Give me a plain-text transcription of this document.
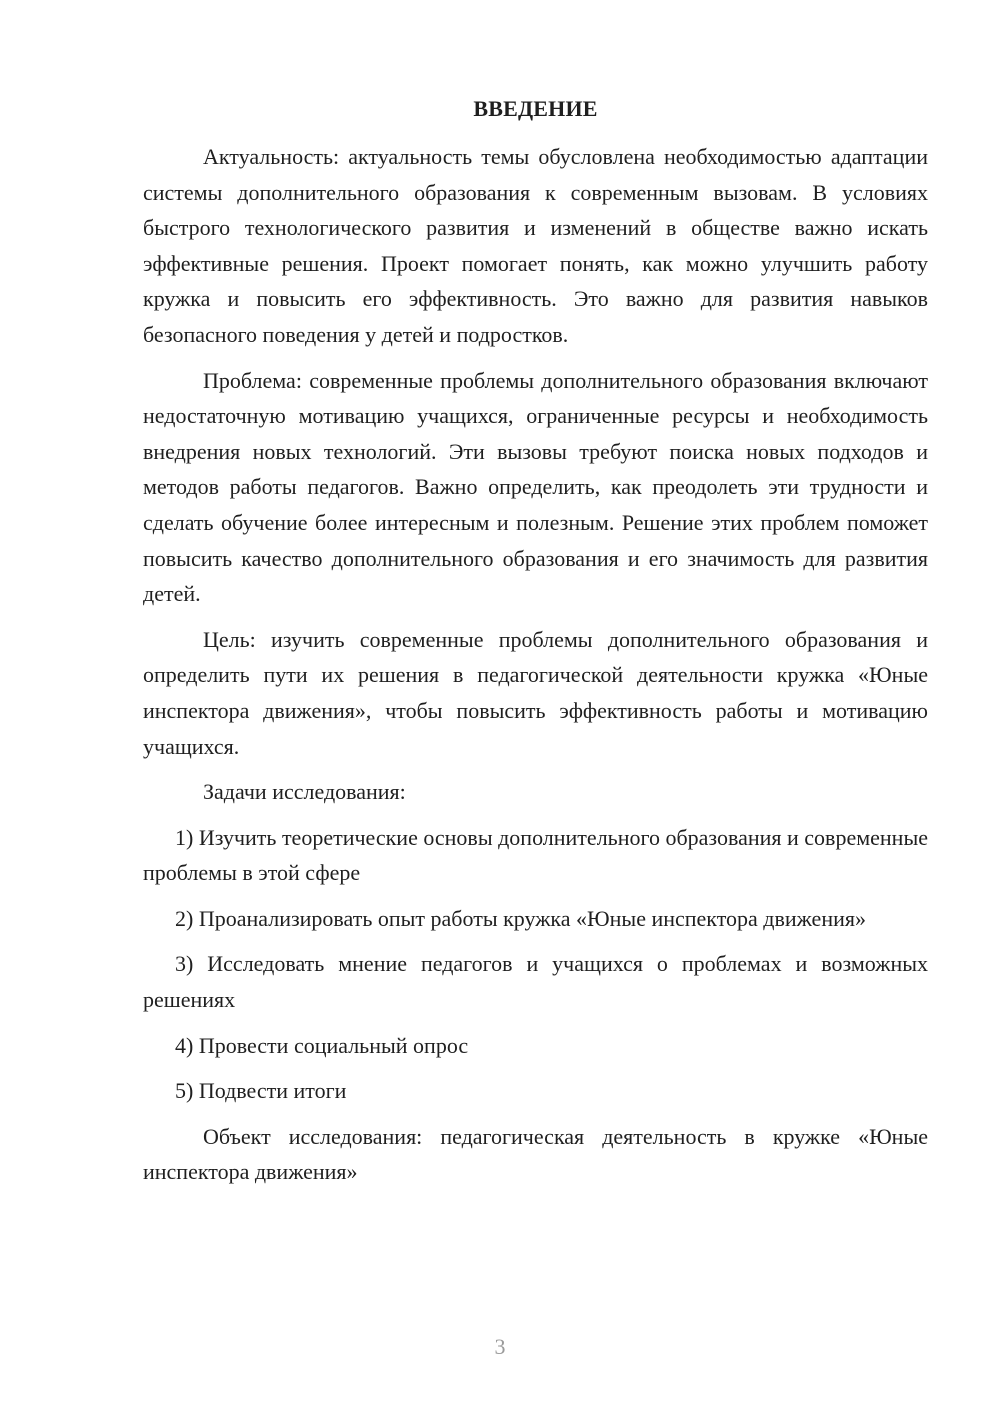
ВВЕДЕНИЕ

Актуальность: актуальность темы обусловлена необходимостью адаптации системы дополнительного образования к современным вызовам. В условиях быстрого технологического развития и изменений в обществе важно искать эффективные решения. Проект помогает понять, как можно улучшить работу кружка и повысить его эффективность. Это важно для развития навыков безопасного поведения у детей и подростков.

Проблема: современные проблемы дополнительного образования включают недостаточную мотивацию учащихся, ограниченные ресурсы и необходимость внедрения новых технологий. Эти вызовы требуют поиска новых подходов и методов работы педагогов. Важно определить, как преодолеть эти трудности и сделать обучение более интересным и полезным. Решение этих проблем поможет повысить качество дополнительного образования и его значимость для развития детей.

Цель: изучить современные проблемы дополнительного образования и определить пути их решения в педагогической деятельности кружка «Юные инспектора движения», чтобы повысить эффективность работы и мотивацию учащихся.

Задачи исследования:

1) Изучить теоретические основы дополнительного образования и современные проблемы в этой сфере

2) Проанализировать опыт работы кружка «Юные инспектора движения»

3) Исследовать мнение педагогов и учащихся о проблемах и возможных решениях

4) Провести социальный опрос

5) Подвести итоги

Объект исследования: педагогическая деятельность в кружке «Юные инспектора движения»

3
